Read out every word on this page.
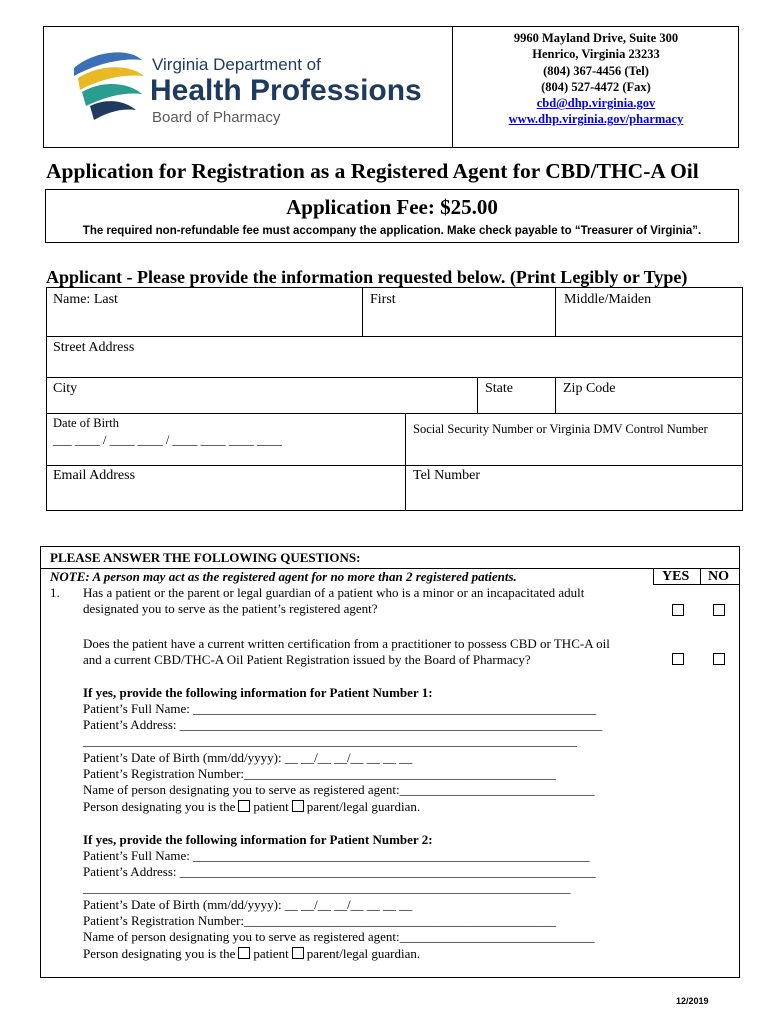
Virginia Department of
Health Professions
Board of Pharmacy
9960 Mayland Drive, Suite 300
Henrico, Virginia 23233
(804) 367-4456 (Tel)
(804) 527-4472 (Fax)
cbd@dhp.virginia.gov
www.dhp.virginia.gov/pharmacy
Application for Registration as a Registered Agent for CBD/THC-A Oil
Application Fee: $25.00
The required non-refundable fee must accompany the application. Make check payable to “Treasurer of Virginia”.
Applicant - Please provide the information requested below. (Print Legibly or Type)
Name: Last	First	Middle/Maiden
Street Address
City	State	Zip Code
Date of Birth
___ ____ / ____ ____ / ____ ____ ____ ____
Social Security Number or Virginia DMV Control Number
Email Address	Tel Number
PLEASE ANSWER THE FOLLOWING QUESTIONS:
NOTE: A person may act as the registered agent for no more than 2 registered patients.	YES NO
1. Has a patient or the parent or legal guardian of a patient who is a minor or an incapacitated adult
designated you to serve as the patient’s registered agent?
Does the patient have a current written certification from a practitioner to possess CBD or THC-A oil
and a current CBD/THC-A Oil Patient Registration issued by the Board of Pharmacy?
If yes, provide the following information for Patient Number 1:
Patient’s Full Name: ______________________________________________________________
Patient’s Address: _________________________________________________________________
____________________________________________________________________________
Patient’s Date of Birth (mm/dd/yyyy): __ __/__ __/__ __ __ __
Patient’s Registration Number:________________________________________________
Name of person designating you to serve as registered agent:______________________________
Person designating you is the patient parent/legal guardian.
If yes, provide the following information for Patient Number 2:
Patient’s Full Name: _____________________________________________________________
Patient’s Address: ________________________________________________________________
___________________________________________________________________________
Patient’s Date of Birth (mm/dd/yyyy): __ __/__ __/__ __ __ __
Patient’s Registration Number:________________________________________________
Name of person designating you to serve as registered agent:______________________________
Person designating you is the patient parent/legal guardian.
12/2019
